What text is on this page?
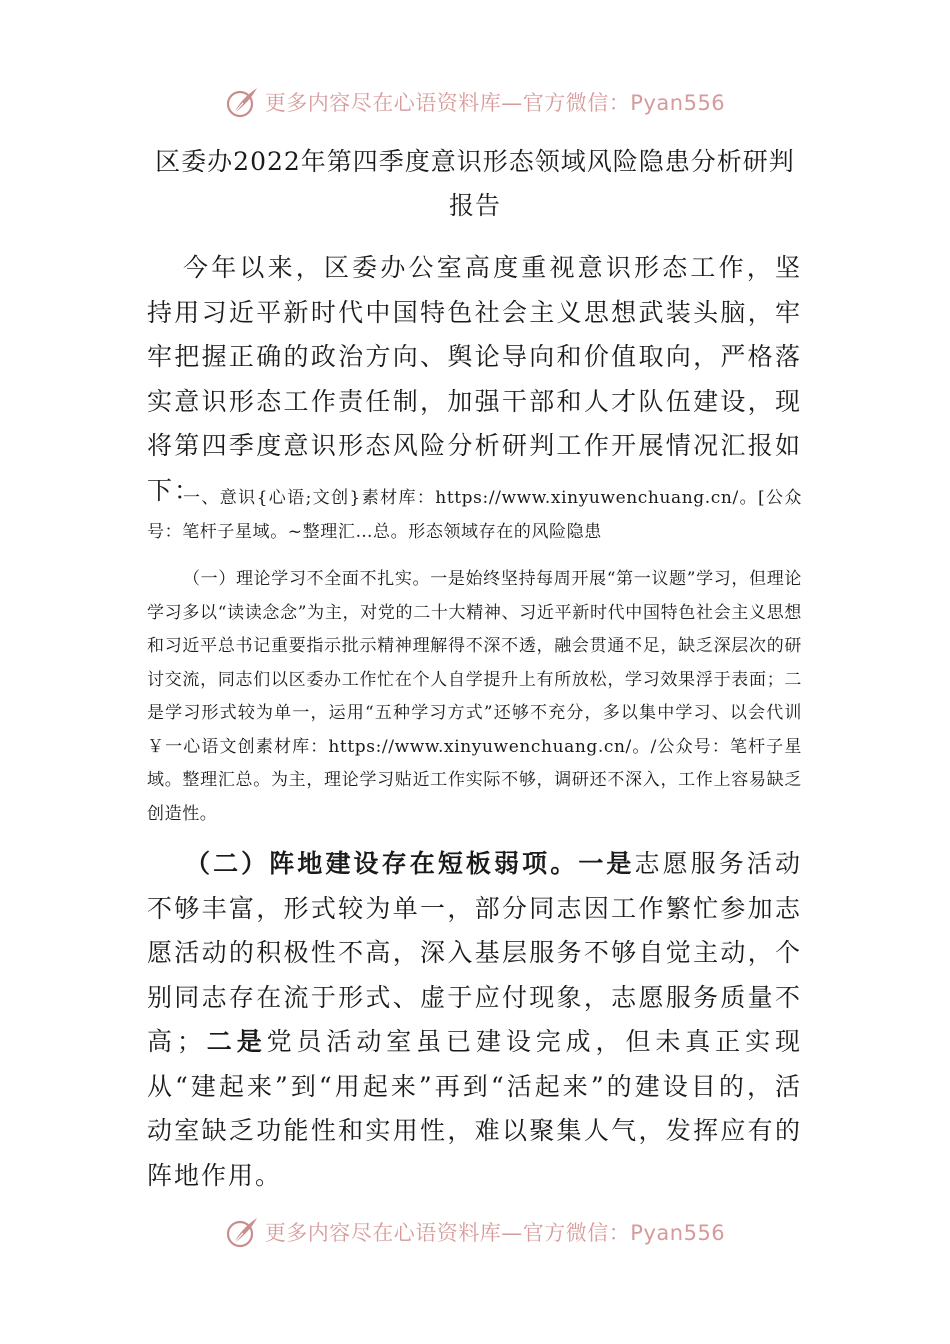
更多内容尽在心语资料库—官方微信：Pyan556
区委办2022年第四季度意识形态领域风险隐患分析研判报告

今年以来，区委办公室高度重视意识形态工作，坚持用习近平新时代中国特色社会主义思想武装头脑，牢牢把握正确的政治方向、舆论导向和价值取向，严格落实意识形态工作责任制，加强干部和人才队伍建设，现将第四季度意识形态风险分析研判工作开展情况汇报如下：

一、意识{心语;文创}素材库：https://www.xinyuwenchuang.cn/。[公众号：笔杆子星域。~整理汇…总。形态领域存在的风险隐患

（一）理论学习不全面不扎实。一是始终坚持每周开展“第一议题”学习，但理论学习多以“读读念念”为主，对党的二十大精神、习近平新时代中国特色社会主义思想和习近平总书记重要指示批示精神理解得不深不透，融会贯通不足，缺乏深层次的研讨交流，同志们以区委办工作忙在个人自学提升上有所放松，学习效果浮于表面；二是学习形式较为单一，运用“五种学习方式”还够不充分，多以集中学习、以会代训￥一心语文创素材库：https://www.xinyuwenchuang.cn/。/公众号：笔杆子星域。整理汇总。为主，理论学习贴近工作实际不够，调研还不深入，工作上容易缺乏创造性。

（二）阵地建设存在短板弱项。一是志愿服务活动不够丰富，形式较为单一，部分同志因工作繁忙参加志愿活动的积极性不高，深入基层服务不够自觉主动，个别同志存在流于形式、虚于应付现象，志愿服务质量不高；二是党员活动室虽已建设完成，但未真正实现从“建起来”到“用起来”再到“活起来”的建设目的，活动室缺乏功能性和实用性，难以聚集人气，发挥应有的阵地作用。

更多内容尽在心语资料库—官方微信：Pyan556
